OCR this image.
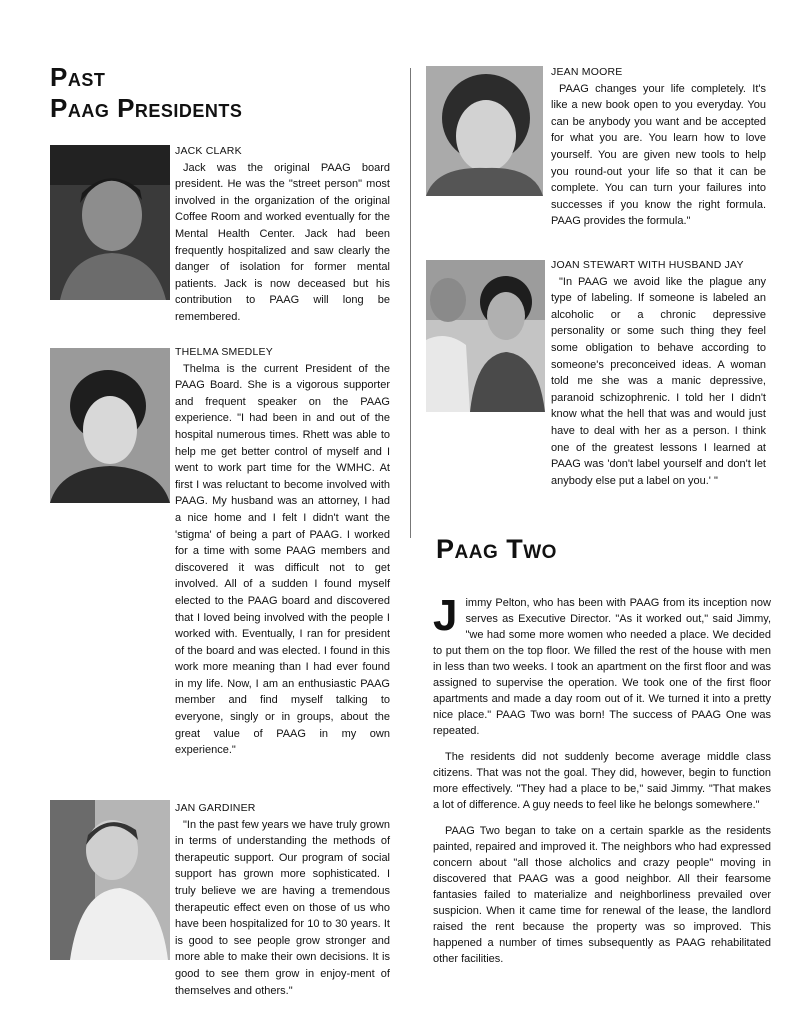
Past
Paag Presidents
JACK CLARK
Jack was the original PAAG board president. He was the "street person" most involved in the organization of the original Coffee Room and worked eventually for the Mental Health Center. Jack had been frequently hospitalized and saw clearly the danger of isolation for former mental patients. Jack is now deceased but his contribution to PAAG will long be remembered.
THELMA SMEDLEY
Thelma is the current President of the PAAG Board. She is a vigorous supporter and frequent speaker on the PAAG experience. "I had been in and out of the hospital numerous times. Rhett was able to help me get better control of myself and I went to work part time for the WMHC. At first I was reluctant to become involved with PAAG. My husband was an attorney, I had a nice home and I felt I didn't want the 'stigma' of being a part of PAAG. I worked for a time with some PAAG members and discovered it was difficult not to get involved. All of a sudden I found myself elected to the PAAG board and discovered that I loved being involved with the people I worked with. Eventually, I ran for president of the board and was elected. I found in this work more meaning than I had ever found in my life. Now, I am an enthusiastic PAAG member and find myself talking to everyone, singly or in groups, about the great value of PAAG in my own experience."
JAN GARDINER
"In the past few years we have truly grown in terms of understanding the methods of therapeutic support. Our program of social support has grown more sophisticated. I truly believe we are having a tremendous therapeutic effect even on those of us who have been hospitalized for 10 to 30 years. It is good to see people grow stronger and more able to make their own decisions. It is good to see them grow in enjoy-ment of themselves and others."
JEAN MOORE
PAAG changes your life completely. It's like a new book open to you everyday. You can be anybody you want and be accepted for what you are. You learn how to love yourself. You are given new tools to help you round-out your life so that it can be complete. You can turn your failures into successes if you know the right formula. PAAG provides the formula."
JOAN STEWART WITH HUSBAND JAY
"In PAAG we avoid like the plague any type of labeling. If someone is labeled an alcoholic or a chronic depressive personality or some such thing they feel some obligation to behave according to someone's preconceived ideas. A woman told me she was a manic depressive, paranoid schizophrenic. I told her I didn't know what the hell that was and would just have to deal with her as a person. I think one of the greatest lessons I learned at PAAG was 'don't label yourself and don't let anybody else put a label on you.' "
Paag Two

Jimmy Pelton, who has been with PAAG from its inception now serves as Executive Director. "As it worked out," said Jimmy, "we had some more women who needed a place. We decided to put them on the top floor. We filled the rest of the house with men in less than two weeks. I took an apartment on the first floor and was assigned to supervise the operation. We took one of the first floor apartments and made a day room out of it. We turned it into a pretty nice place." PAAG Two was born! The success of PAAG One was repeated.

The residents did not suddenly become average middle class citizens. That was not the goal. They did, however, begin to function more effectively. "They had a place to be," said Jimmy. "That makes a lot of difference. A guy needs to feel like he belongs somewhere."

PAAG Two began to take on a certain sparkle as the residents painted, repaired and improved it. The neighbors who had expressed concern about "all those alcholics and crazy people" moving in discovered that PAAG was a good neighbor. All their fearsome fantasies failed to materialize and neighborliness prevailed over suspicion. When it came time for renewal of the lease, the landlord raised the rent because the property was so improved. This happened a number of times subsequently as PAAG rehabilitated other facilities.
